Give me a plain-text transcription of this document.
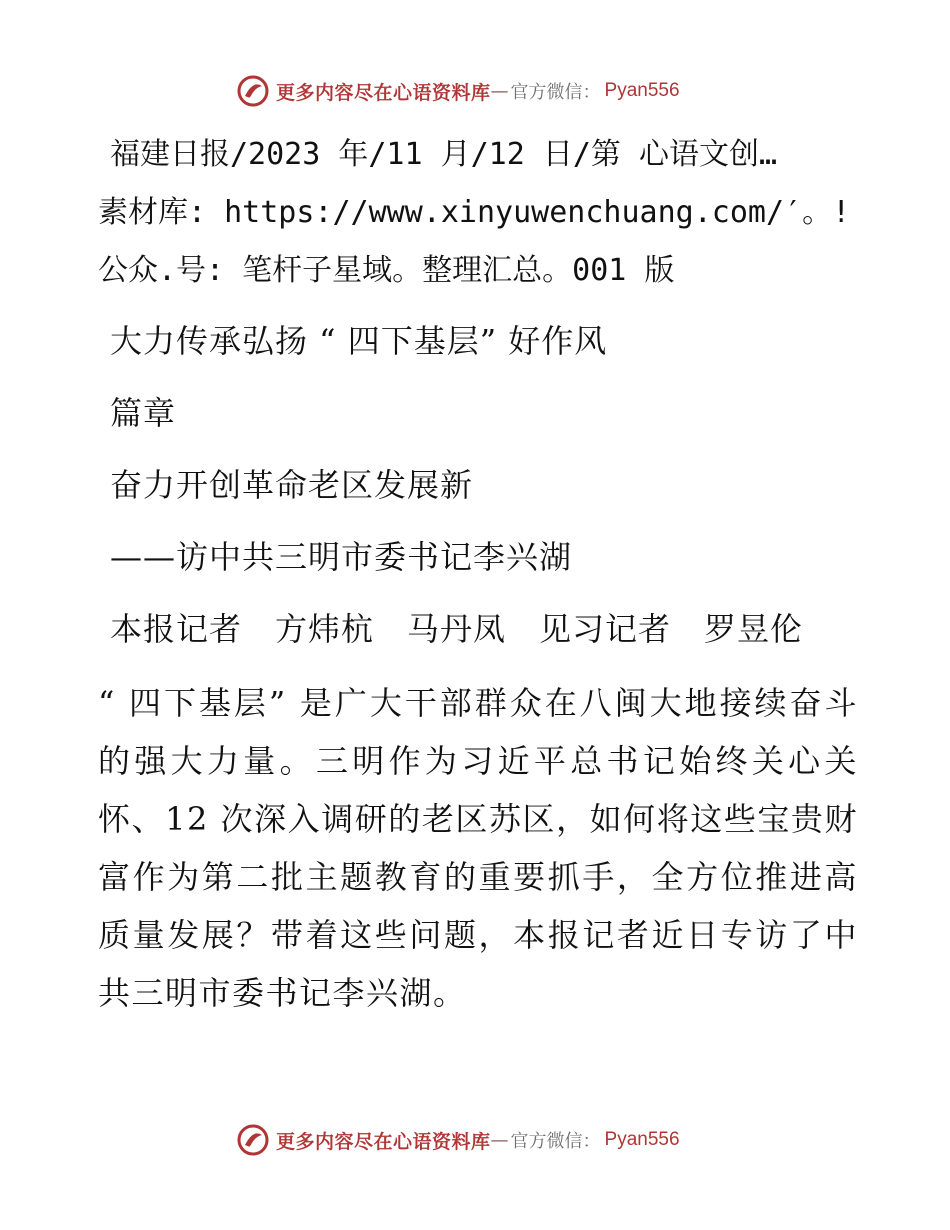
更多内容尽在心语资料库 — 官方微信： Pyan556
福建日报/2023 年/11 月/12 日/第 心语文创…
素材库: https://www.xinyuwenchuang.com/′。!
公众.号: 笔杆子星域。整理汇总。001 版
大力传承弘扬 “ 四下基层” 好作风
篇章
奋力开创革命老区发展新
——访中共三明市委书记李兴湖
本报记者　方炜杭　马丹凤　见习记者　罗昱伦
“ 四下基层” 是广大干部群众在八闽大地接续奋斗的强大力量。三明作为习近平总书记始终关心关怀、12 次深入调研的老区苏区，如何将这些宝贵财富作为第二批主题教育的重要抓手，全方位推进高质量发展？带着这些问题，本报记者近日专访了中共三明市委书记李兴湖。
更多内容尽在心语资料库 — 官方微信： Pyan556
